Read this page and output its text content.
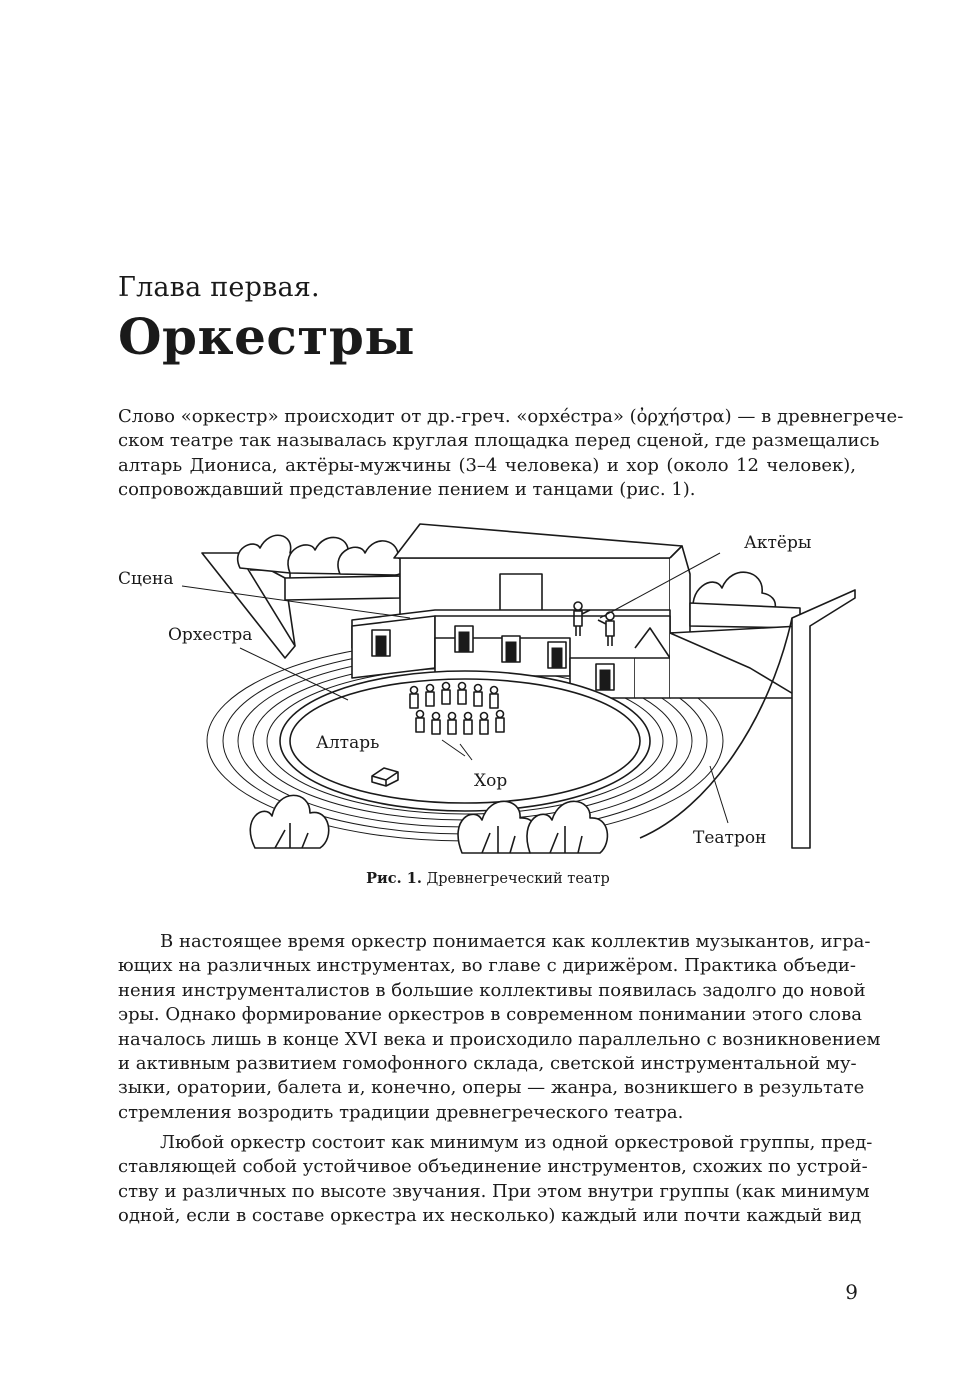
Глава первая.
Оркестры
Слово «оркестр» происходит от др.-греч. «орхе́стра» (ὀρχήστρα) — в древнегрече-
ском театре так называлась круглая площадка перед сценой, где размещались
алтарь Диониса, актёры-мужчины (3–4 человека) и хор (около 12 человек),
сопровождавший представление пением и танцами (рис. 1).
Сцена
Орхестра
Актёры
Алтарь
Хор
Театрон
Рис. 1. Древнегреческий театр
В настоящее время оркестр понимается как коллектив музыкантов, игра-
ющих на различных инструментах, во главе с дирижёром. Практика объеди-
нения инструменталистов в большие коллективы появилась задолго до новой
эры. Однако формирование оркестров в современном понимании этого слова
началось лишь в конце XVI века и происходило параллельно с возникновением
и активным развитием гомофонного склада, светской инструментальной му-
зыки, оратории, балета и, конечно, оперы — жанра, возникшего в результате
стремления возродить традиции древнегреческого театра.
Любой оркестр состоит как минимум из одной оркестровой группы, пред-
ставляющей собой устойчивое объединение инструментов, схожих по устрой-
ству и различных по высоте звучания. При этом внутри группы (как минимум
одной, если в составе оркестра их несколько) каждый или почти каждый вид
9
